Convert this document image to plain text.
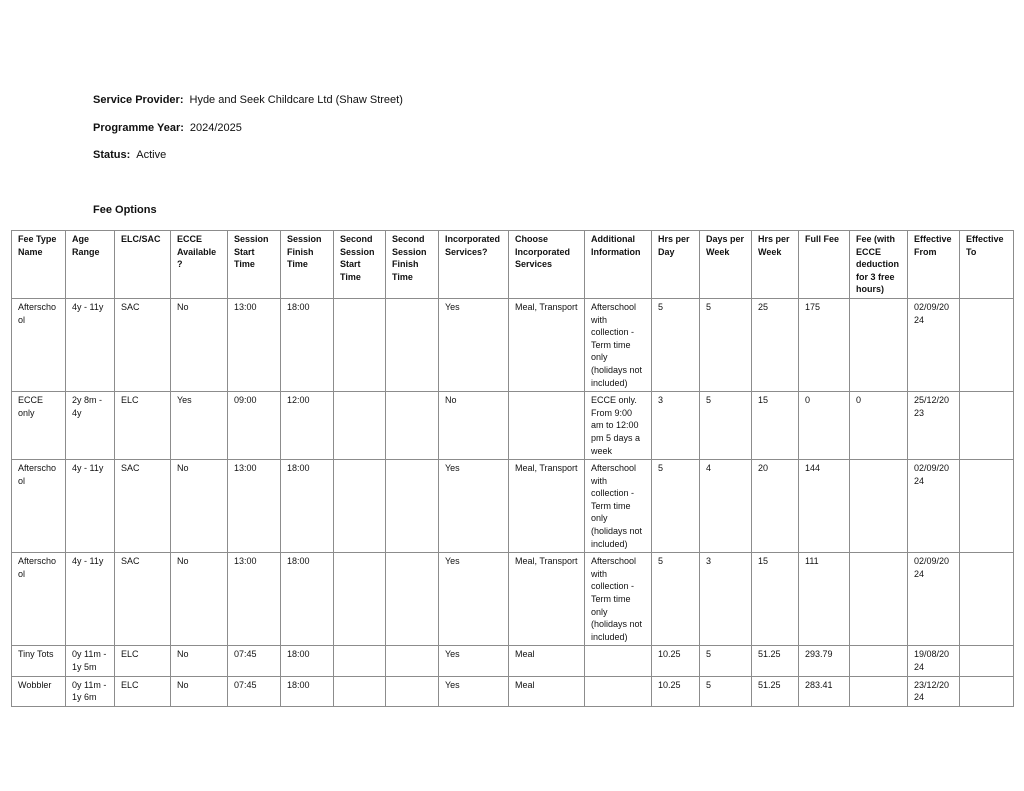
Service Provider: Hyde and Seek Childcare Ltd (Shaw Street)
Programme Year: 2024/2025
Status: Active
Fee Options
Fee Type Name	Age Range	ELC/SAC	ECCE Available ?	Session Start Time	Session Finish Time	Second Session Start Time	Second Session Finish Time	Incorporated Services?	Choose Incorporated Services	Additional Information	Hrs per Day	Days per Week	Hrs per Week	Full Fee	Fee (with ECCE deduction for 3 free hours)	Effective From	Effective To
Afterschool	4y - 11y	SAC	No	13:00	18:00			Yes	Meal, Transport	Afterschool with collection - Term time only (holidays not included)	5	5	25	175		02/09/2024	
ECCE only	2y 8m - 4y	ELC	Yes	09:00	12:00			No		ECCE only. From 9:00 am to 12:00 pm 5 days a week	3	5	15	0	0	25/12/2023	
Afterschool	4y - 11y	SAC	No	13:00	18:00			Yes	Meal, Transport	Afterschool with collection - Term time only (holidays not included)	5	4	20	144		02/09/2024	
Afterschool	4y - 11y	SAC	No	13:00	18:00			Yes	Meal, Transport	Afterschool with collection - Term time only (holidays not included)	5	3	15	111		02/09/2024	
Tiny Tots	0y 11m - 1y 5m	ELC	No	07:45	18:00			Yes	Meal		10.25	5	51.25	293.79		19/08/2024	
Wobbler	0y 11m - 1y 6m	ELC	No	07:45	18:00			Yes	Meal		10.25	5	51.25	283.41		23/12/2024	
